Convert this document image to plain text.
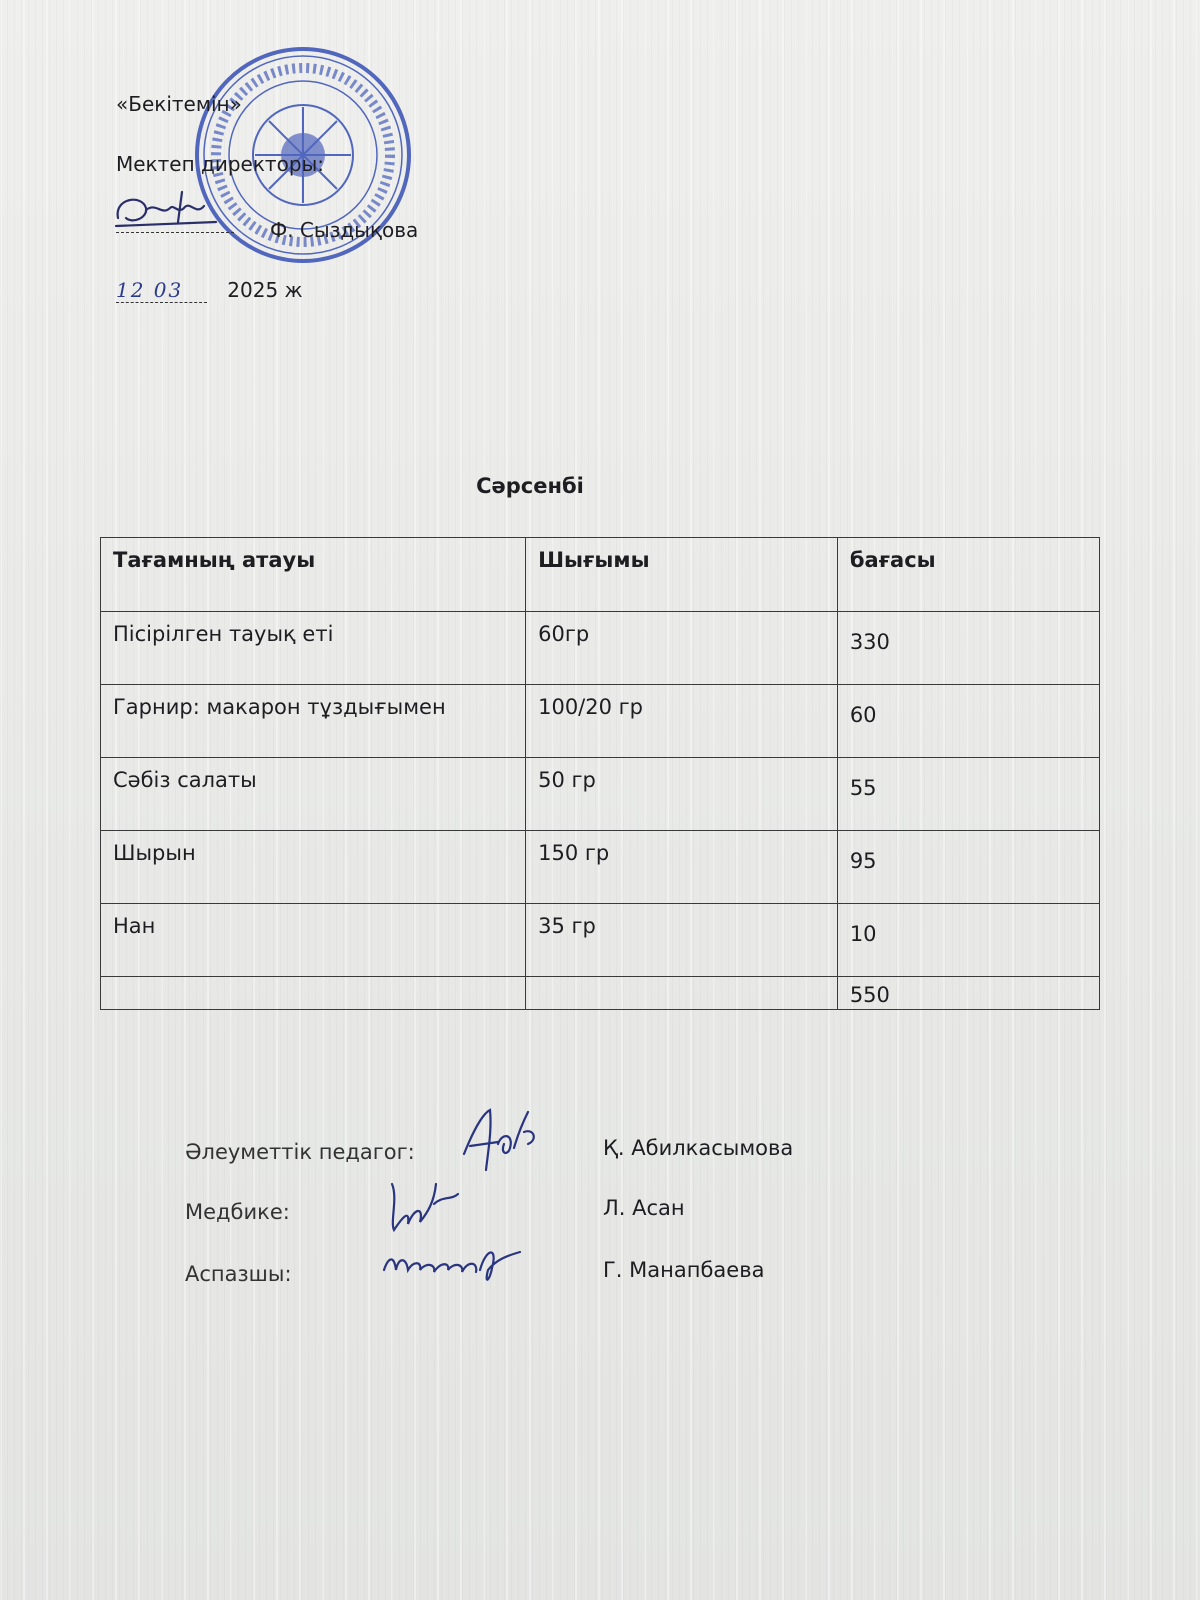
«Бекітемін»
Мектеп директоры:
Ф. Сыздықова
12 03 2025 ж
Сәрсенбі
Тағамның атауы	Шығымы	бағасы
Пісірілген тауық еті	60гр	330
Гарнир: макарон тұздығымен	100/20 гр	60
Сәбіз салаты	50 гр	55
Шырын	150 гр	95
Нан	35 гр	10
		550
Әлеуметтік педагог:	Қ. Абилкасымова
Медбике:	Л. Асан
Аспазшы:	Г. Манапбаева
